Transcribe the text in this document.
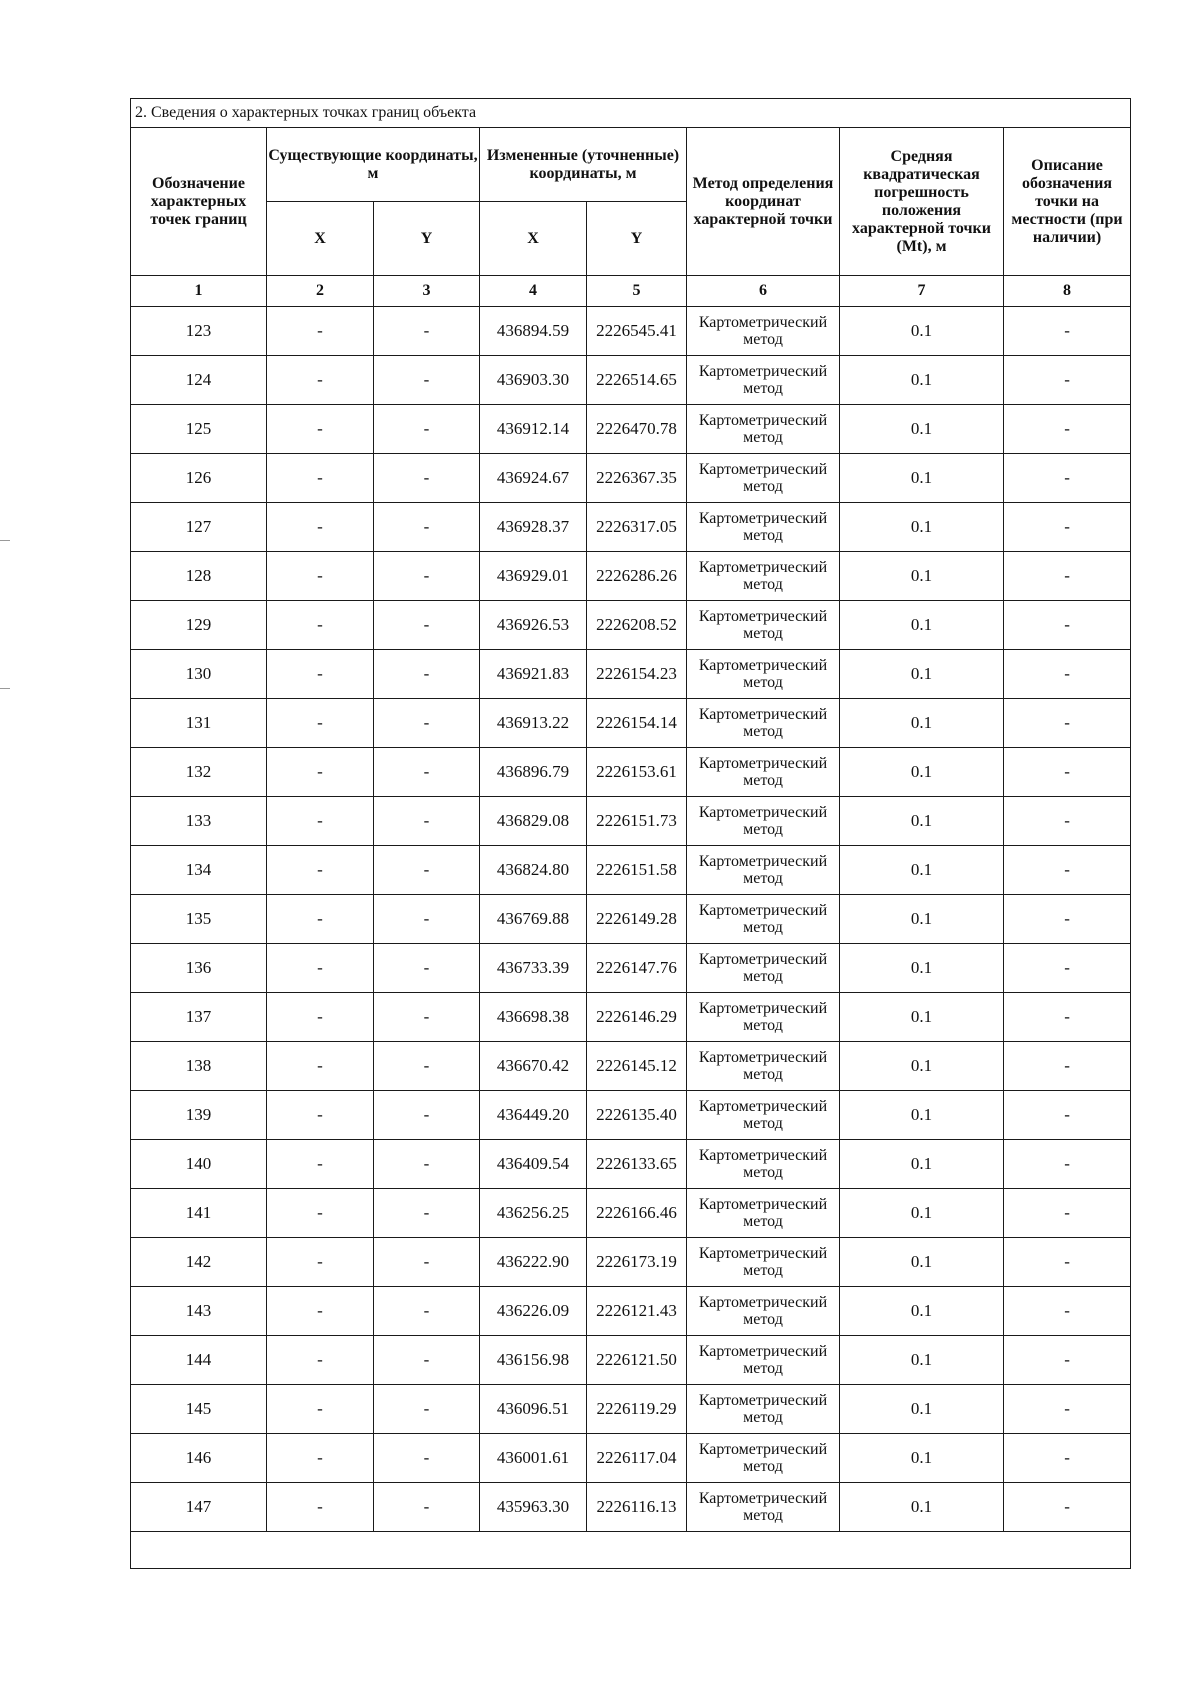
2. Сведения о характерных точках границ объекта							
Обозначение характерных точек границ	Существующие координаты, м		Измененные (уточненные) координаты, м		Метод определения координат характерной точки	Средняя квадратическая погрешность положения характерной точки (Mt), м	Описание обозначения точки на местности (при наличии)
	X	Y	X	Y			
1	2	3	4	5	6	7	8
123	-	-	436894.59	2226545.41	Картометрический метод	0.1	-
124	-	-	436903.30	2226514.65	Картометрический метод	0.1	-
125	-	-	436912.14	2226470.78	Картометрический метод	0.1	-
126	-	-	436924.67	2226367.35	Картометрический метод	0.1	-
127	-	-	436928.37	2226317.05	Картометрический метод	0.1	-
128	-	-	436929.01	2226286.26	Картометрический метод	0.1	-
129	-	-	436926.53	2226208.52	Картометрический метод	0.1	-
130	-	-	436921.83	2226154.23	Картометрический метод	0.1	-
131	-	-	436913.22	2226154.14	Картометрический метод	0.1	-
132	-	-	436896.79	2226153.61	Картометрический метод	0.1	-
133	-	-	436829.08	2226151.73	Картометрический метод	0.1	-
134	-	-	436824.80	2226151.58	Картометрический метод	0.1	-
135	-	-	436769.88	2226149.28	Картометрический метод	0.1	-
136	-	-	436733.39	2226147.76	Картометрический метод	0.1	-
137	-	-	436698.38	2226146.29	Картометрический метод	0.1	-
138	-	-	436670.42	2226145.12	Картометрический метод	0.1	-
139	-	-	436449.20	2226135.40	Картометрический метод	0.1	-
140	-	-	436409.54	2226133.65	Картометрический метод	0.1	-
141	-	-	436256.25	2226166.46	Картометрический метод	0.1	-
142	-	-	436222.90	2226173.19	Картометрический метод	0.1	-
143	-	-	436226.09	2226121.43	Картометрический метод	0.1	-
144	-	-	436156.98	2226121.50	Картометрический метод	0.1	-
145	-	-	436096.51	2226119.29	Картометрический метод	0.1	-
146	-	-	436001.61	2226117.04	Картометрический метод	0.1	-
147	-	-	435963.30	2226116.13	Картометрический метод	0.1	-
